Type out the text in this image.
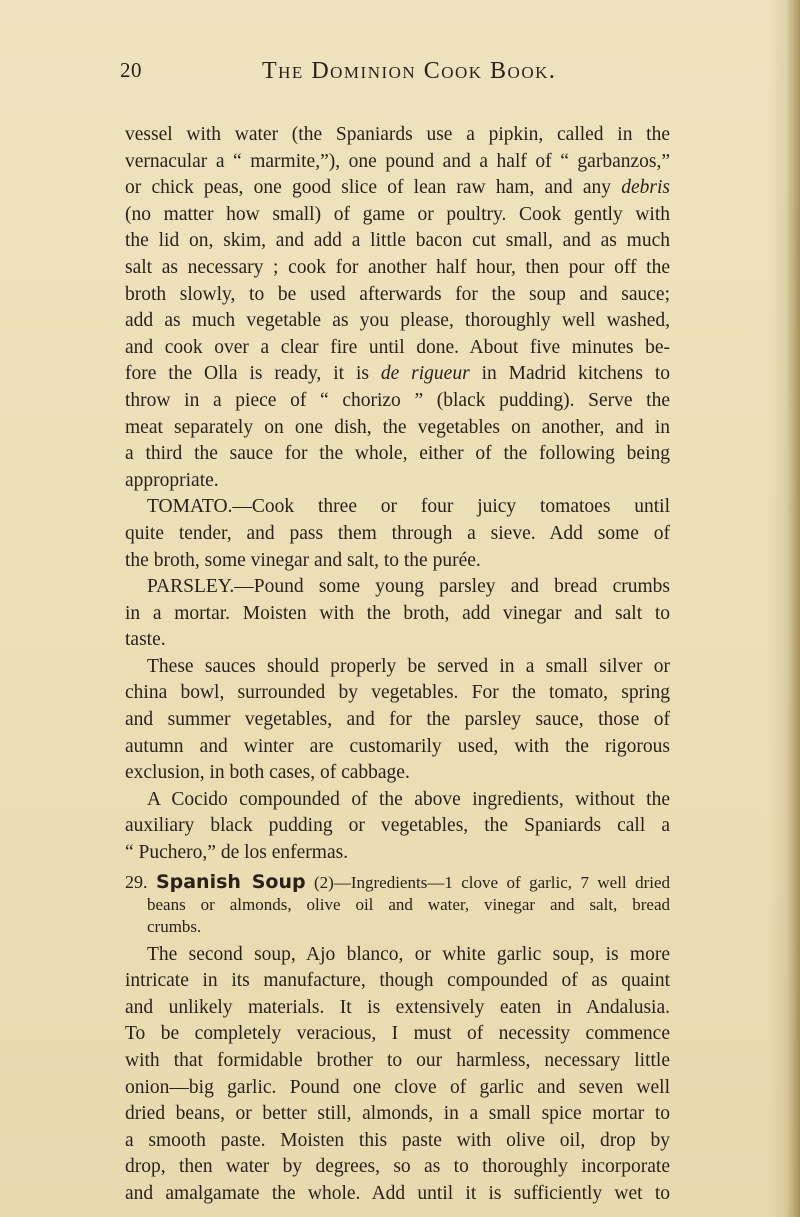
20	The Dominion Cook Book.
vessel with water (the Spaniards use a pipkin, called in the
vernacular a “ marmite,”), one pound and a half of “ garbanzos,”
or chick peas, one good slice of lean raw ham, and any debris
(no matter how small) of game or poultry. Cook gently with
the lid on, skim, and add a little bacon cut small, and as much
salt as necessary ; cook for another half hour, then pour off the
broth slowly, to be used afterwards for the soup and sauce;
add as much vegetable as you please, thoroughly well washed,
and cook over a clear fire until done. About five minutes be-
fore the Olla is ready, it is de rigueur in Madrid kitchens to
throw in a piece of “ chorizo ” (black pudding). Serve the
meat separately on one dish, the vegetables on another, and in
a third the sauce for the whole, either of the following being
appropriate.
TOMATO.—Cook three or four juicy tomatoes until
quite tender, and pass them through a sieve. Add some of
the broth, some vinegar and salt, to the purée.
PARSLEY.—Pound some young parsley and bread crumbs
in a mortar. Moisten with the broth, add vinegar and salt to
taste.
These sauces should properly be served in a small silver or
china bowl, surrounded by vegetables. For the tomato, spring
and summer vegetables, and for the parsley sauce, those of
autumn and winter are customarily used, with the rigorous
exclusion, in both cases, of cabbage.
A Cocido compounded of the above ingredients, without the
auxiliary black pudding or vegetables, the Spaniards call a
“ Puchero,” de los enfermas.
29. Spanish Soup (2)—Ingredients—1 clove of garlic, 7 well dried
beans or almonds, olive oil and water, vinegar and salt, bread
crumbs.
The second soup, Ajo blanco, or white garlic soup, is more
intricate in its manufacture, though compounded of as quaint
and unlikely materials. It is extensively eaten in Andalusia.
To be completely veracious, I must of necessity commence
with that formidable brother to our harmless, necessary little
onion—big garlic. Pound one clove of garlic and seven well
dried beans, or better still, almonds, in a small spice mortar to
a smooth paste. Moisten this paste with olive oil, drop by
drop, then water by degrees, so as to thoroughly incorporate
and amalgamate the whole. Add until it is sufficiently wet to
